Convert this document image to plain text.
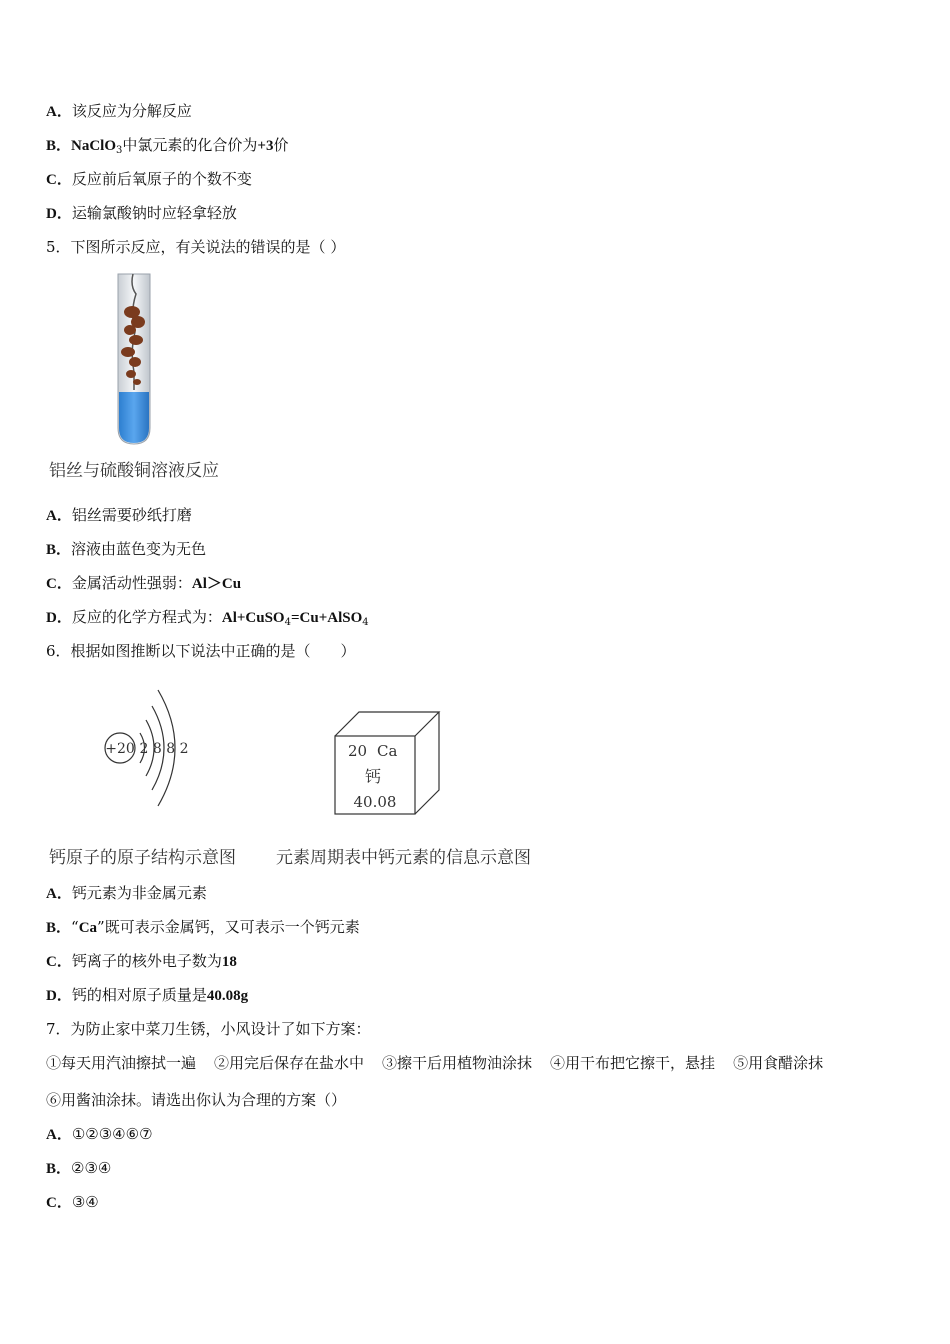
A．该反应为分解反应
B．NaClO$_3$中氯元素的化合价为+3价
C．反应前后氧原子的个数不变
D．运输氯酸钠时应轻拿轻放
5．下图所示反应，有关说法的错误的是（ ）
铝丝与硫酸铜溶液反应
A．铝丝需要砂纸打磨
B．溶液由蓝色变为无色
C．金属活动性强弱：Al＞Cu
D．反应的化学方程式为：Al+CuSO$_4$=Cu+AlSO$_4$
6．根据如图推断以下说法中正确的是（　　）
+20 2 8 8 2	20 Ca
钙
40.08
钙原子的原子结构示意图 元素周期表中钙元素的信息示意图
A．钙元素为非金属元素
B．“Ca”既可表示金属钙，又可表示一个钙元素
C．钙离子的核外电子数为18
D．钙的相对原子质量是40.08g
7．为防止家中菜刀生锈，小风设计了如下方案：
①每天用汽油擦拭一遍 ②用完后保存在盐水中 ③擦干后用植物油涂抹 ④用干布把它擦干，悬挂 ⑤用食醋涂抹
⑥用酱油涂抹。请选出你认为合理的方案（）
A．①②③④⑥⑦
B．②③④
C．③④
